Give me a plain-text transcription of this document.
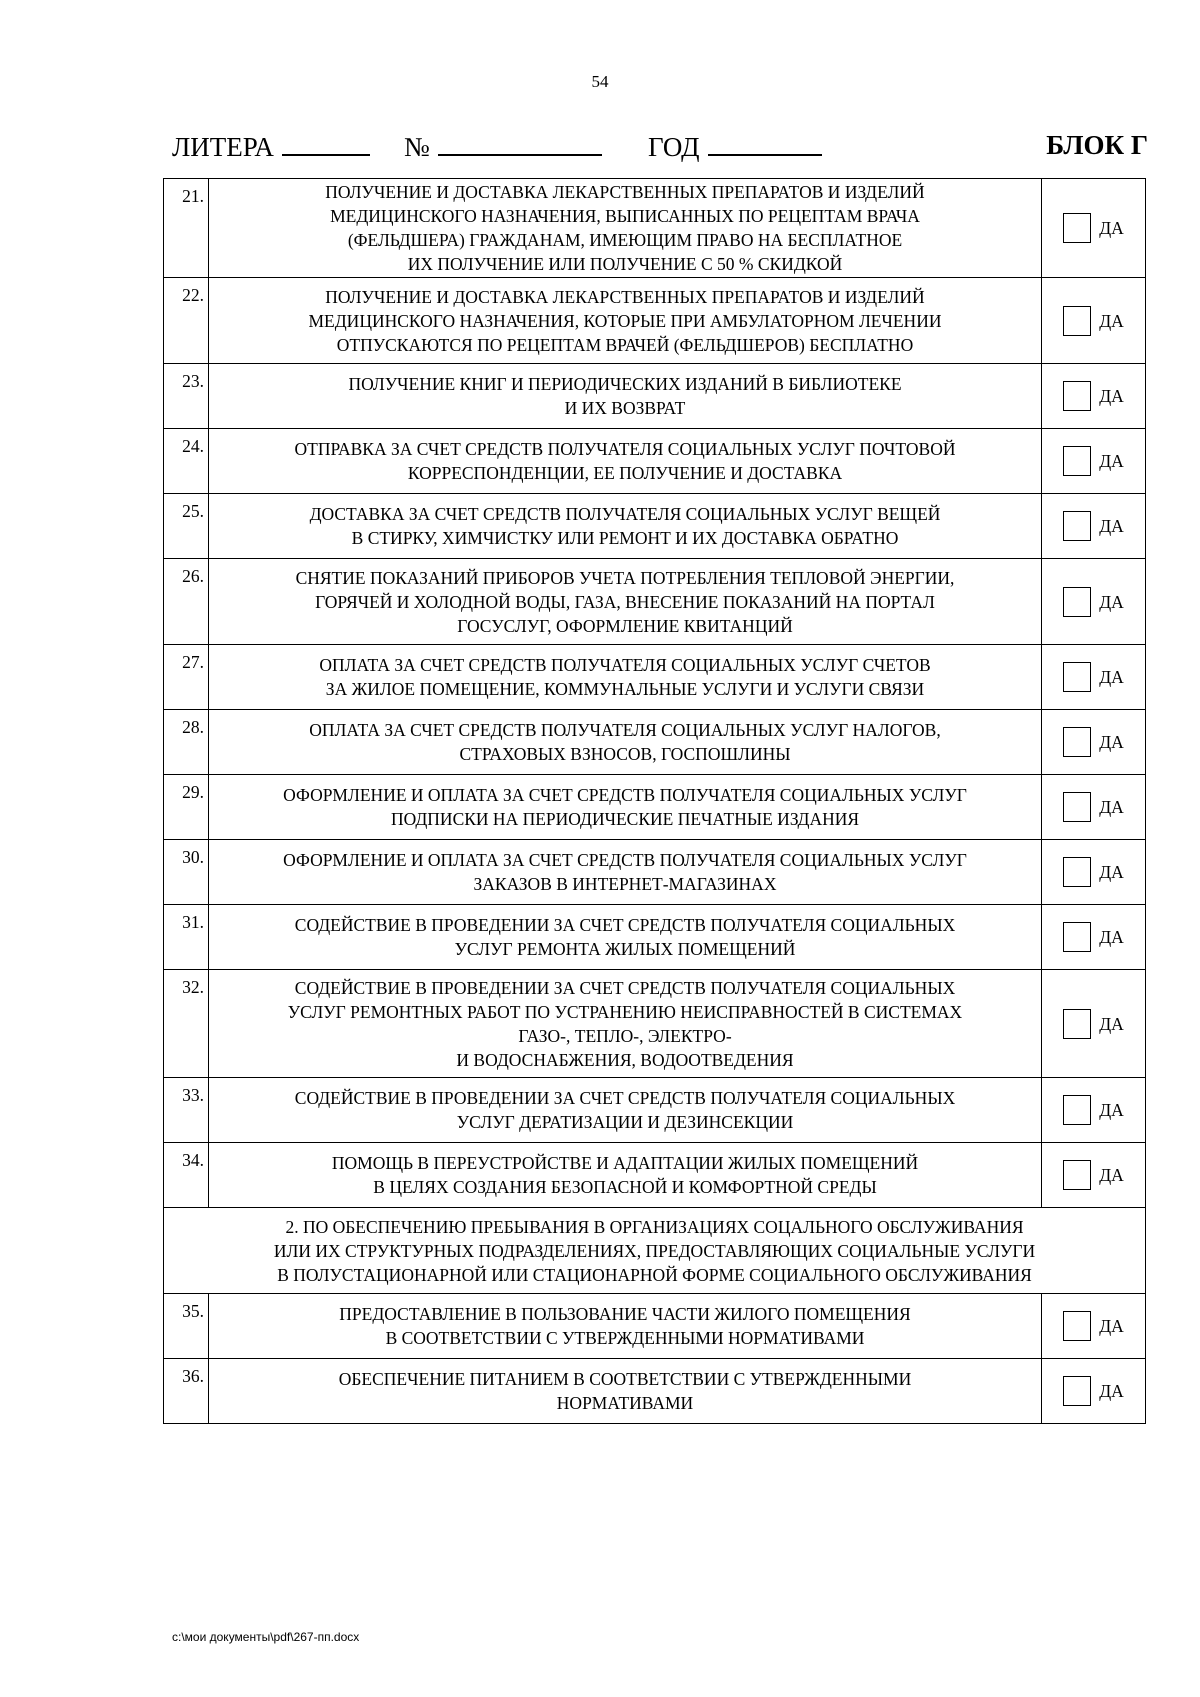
54
ЛИТЕРА	№	ГОД	БЛОК Г
21.	ПОЛУЧЕНИЕ И ДОСТАВКА ЛЕКАРСТВЕННЫХ ПРЕПАРАТОВ И ИЗДЕЛИЙ
МЕДИЦИНСКОГО НАЗНАЧЕНИЯ, ВЫПИСАННЫХ ПО РЕЦЕПТАМ ВРАЧА
(ФЕЛЬДШЕРА) ГРАЖДАНАМ, ИМЕЮЩИМ ПРАВО НА БЕСПЛАТНОЕ
ИХ ПОЛУЧЕНИЕ ИЛИ ПОЛУЧЕНИЕ С 50 % СКИДКОЙ	ДА

22.	ПОЛУЧЕНИЕ И ДОСТАВКА ЛЕКАРСТВЕННЫХ ПРЕПАРАТОВ И ИЗДЕЛИЙ
МЕДИЦИНСКОГО НАЗНАЧЕНИЯ, КОТОРЫЕ ПРИ АМБУЛАТОРНОМ ЛЕЧЕНИИ
ОТПУСКАЮТСЯ ПО РЕЦЕПТАМ ВРАЧЕЙ (ФЕЛЬДШЕРОВ) БЕСПЛАТНО	ДА

23.	ПОЛУЧЕНИЕ КНИГ И ПЕРИОДИЧЕСКИХ ИЗДАНИЙ В БИБЛИОТЕКЕ
И ИХ ВОЗВРАТ	ДА

24.	ОТПРАВКА ЗА СЧЕТ СРЕДСТВ ПОЛУЧАТЕЛЯ СОЦИАЛЬНЫХ УСЛУГ ПОЧТОВОЙ
КОРРЕСПОНДЕНЦИИ, ЕЕ ПОЛУЧЕНИЕ И ДОСТАВКА	ДА

25.	ДОСТАВКА ЗА СЧЕТ СРЕДСТВ ПОЛУЧАТЕЛЯ СОЦИАЛЬНЫХ УСЛУГ ВЕЩЕЙ
В СТИРКУ, ХИМЧИСТКУ ИЛИ РЕМОНТ И ИХ ДОСТАВКА ОБРАТНО	ДА

26.	СНЯТИЕ ПОКАЗАНИЙ ПРИБОРОВ УЧЕТА ПОТРЕБЛЕНИЯ ТЕПЛОВОЙ ЭНЕРГИИ,
ГОРЯЧЕЙ И ХОЛОДНОЙ ВОДЫ, ГАЗА, ВНЕСЕНИЕ ПОКАЗАНИЙ НА ПОРТАЛ
ГОСУСЛУГ, ОФОРМЛЕНИЕ КВИТАНЦИЙ	ДА

27.	ОПЛАТА ЗА СЧЕТ СРЕДСТВ ПОЛУЧАТЕЛЯ СОЦИАЛЬНЫХ УСЛУГ СЧЕТОВ
ЗА ЖИЛОЕ ПОМЕЩЕНИЕ, КОММУНАЛЬНЫЕ УСЛУГИ И УСЛУГИ СВЯЗИ	ДА

28.	ОПЛАТА ЗА СЧЕТ СРЕДСТВ ПОЛУЧАТЕЛЯ СОЦИАЛЬНЫХ УСЛУГ НАЛОГОВ,
СТРАХОВЫХ ВЗНОСОВ, ГОСПОШЛИНЫ	ДА

29.	ОФОРМЛЕНИЕ И ОПЛАТА ЗА СЧЕТ СРЕДСТВ ПОЛУЧАТЕЛЯ СОЦИАЛЬНЫХ УСЛУГ
ПОДПИСКИ НА ПЕРИОДИЧЕСКИЕ ПЕЧАТНЫЕ ИЗДАНИЯ	ДА

30.	ОФОРМЛЕНИЕ И ОПЛАТА ЗА СЧЕТ СРЕДСТВ ПОЛУЧАТЕЛЯ СОЦИАЛЬНЫХ УСЛУГ
ЗАКАЗОВ В ИНТЕРНЕТ-МАГАЗИНАХ	ДА

31.	СОДЕЙСТВИЕ В ПРОВЕДЕНИИ ЗА СЧЕТ СРЕДСТВ ПОЛУЧАТЕЛЯ СОЦИАЛЬНЫХ
УСЛУГ РЕМОНТА ЖИЛЫХ ПОМЕЩЕНИЙ	ДА

32.	СОДЕЙСТВИЕ В ПРОВЕДЕНИИ ЗА СЧЕТ СРЕДСТВ ПОЛУЧАТЕЛЯ СОЦИАЛЬНЫХ
УСЛУГ РЕМОНТНЫХ РАБОТ ПО УСТРАНЕНИЮ НЕИСПРАВНОСТЕЙ В СИСТЕМАХ
ГАЗО-, ТЕПЛО-, ЭЛЕКТРО-
И ВОДОСНАБЖЕНИЯ, ВОДООТВЕДЕНИЯ	ДА

33.	СОДЕЙСТВИЕ В ПРОВЕДЕНИИ ЗА СЧЕТ СРЕДСТВ ПОЛУЧАТЕЛЯ СОЦИАЛЬНЫХ
УСЛУГ ДЕРАТИЗАЦИИ И ДЕЗИНСЕКЦИИ	ДА

34.	ПОМОЩЬ В ПЕРЕУСТРОЙСТВЕ И АДАПТАЦИИ ЖИЛЫХ ПОМЕЩЕНИЙ
В ЦЕЛЯХ СОЗДАНИЯ БЕЗОПАСНОЙ И КОМФОРТНОЙ СРЕДЫ	ДА

2. ПО ОБЕСПЕЧЕНИЮ ПРЕБЫВАНИЯ В ОРГАНИЗАЦИЯХ СОЦАЛЬНОГО ОБСЛУЖИВАНИЯ
ИЛИ ИХ СТРУКТУРНЫХ ПОДРАЗДЕЛЕНИЯХ, ПРЕДОСТАВЛЯЮЩИХ СОЦИАЛЬНЫЕ УСЛУГИ
В ПОЛУСТАЦИОНАРНОЙ ИЛИ СТАЦИОНАРНОЙ ФОРМЕ СОЦИАЛЬНОГО ОБСЛУЖИВАНИЯ		

35.	ПРЕДОСТАВЛЕНИЕ В ПОЛЬЗОВАНИЕ ЧАСТИ ЖИЛОГО ПОМЕЩЕНИЯ
В СООТВЕТСТВИИ С УТВЕРЖДЕННЫМИ НОРМАТИВАМИ	ДА

36.	ОБЕСПЕЧЕНИЕ ПИТАНИЕМ В СООТВЕТСТВИИ С УТВЕРЖДЕННЫМИ
НОРМАТИВАМИ	ДА
c:\мои документы\pdf\267-пп.docx
